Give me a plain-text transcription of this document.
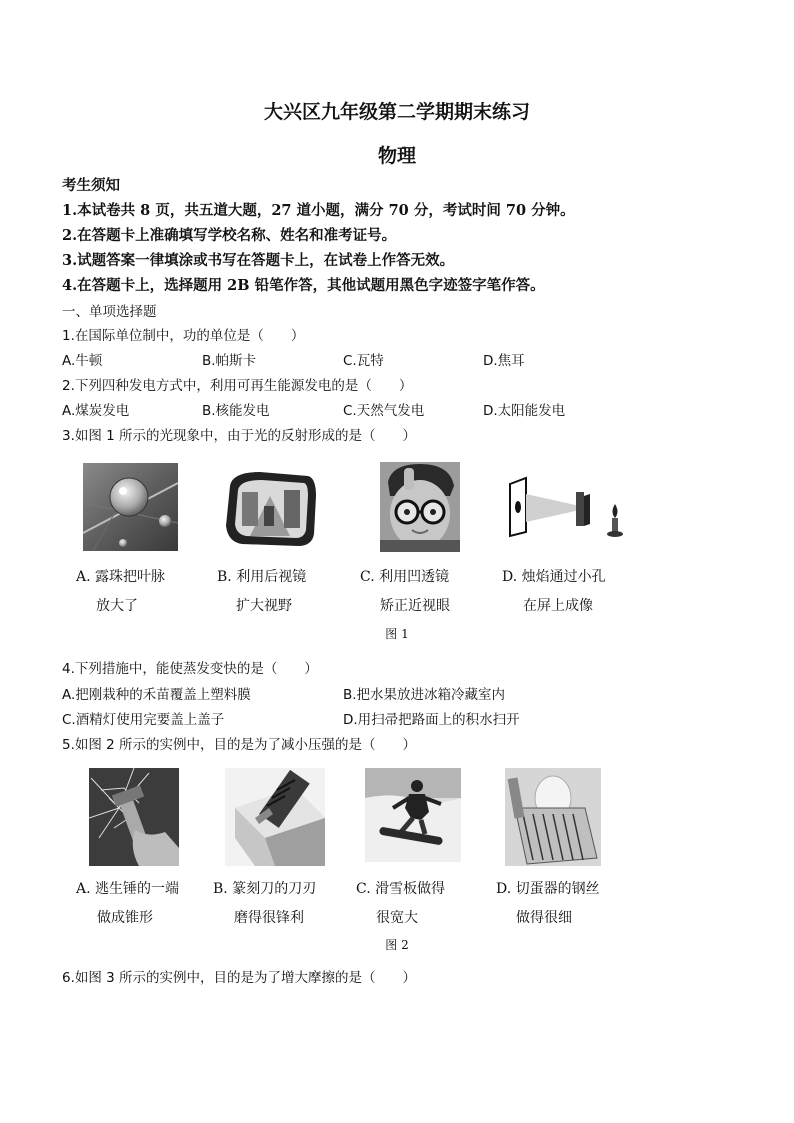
大兴区九年级第二学期期末练习
物理
考生须知
1.本试卷共 8 页，共五道大题，27 道小题，满分 70 分，考试时间 70 分钟。
2.在答题卡上准确填写学校名称、姓名和准考证号。
3.试题答案一律填涂或书写在答题卡上，在试卷上作答无效。
4.在答题卡上，选择题用 2B 铅笔作答，其他试题用黑色字迹签字笔作答。
一、单项选择题
1.在国际单位制中，功的单位是（　　）
A.牛顿	B.帕斯卡	C.瓦特	D.焦耳
2.下列四种发电方式中，利用可再生能源发电的是（　　）
A.煤炭发电	B.核能发电	C.天然气发电	D.太阳能发电
3.如图 1 所示的光现象中，由于光的反射形成的是（　　）
A. 露珠把叶脉
放大了
B. 利用后视镜
扩大视野
C. 利用凹透镜
矫正近视眼
D. 烛焰通过小孔
在屏上成像
图 1
4.下列措施中，能使蒸发变快的是（　　）
A.把刚栽种的禾苗覆盖上塑料膜	B.把水果放进冰箱冷藏室内
C.酒精灯使用完要盖上盖子	D.用扫帚把路面上的积水扫开
5.如图 2 所示的实例中，目的是为了减小压强的是（　　）
A. 逃生锤的一端
做成锥形
B. 篆刻刀的刀刃
磨得很锋利
C. 滑雪板做得
很宽大
D. 切蛋器的钢丝
做得很细
图 2
6.如图 3 所示的实例中，目的是为了增大摩擦的是（　　）
